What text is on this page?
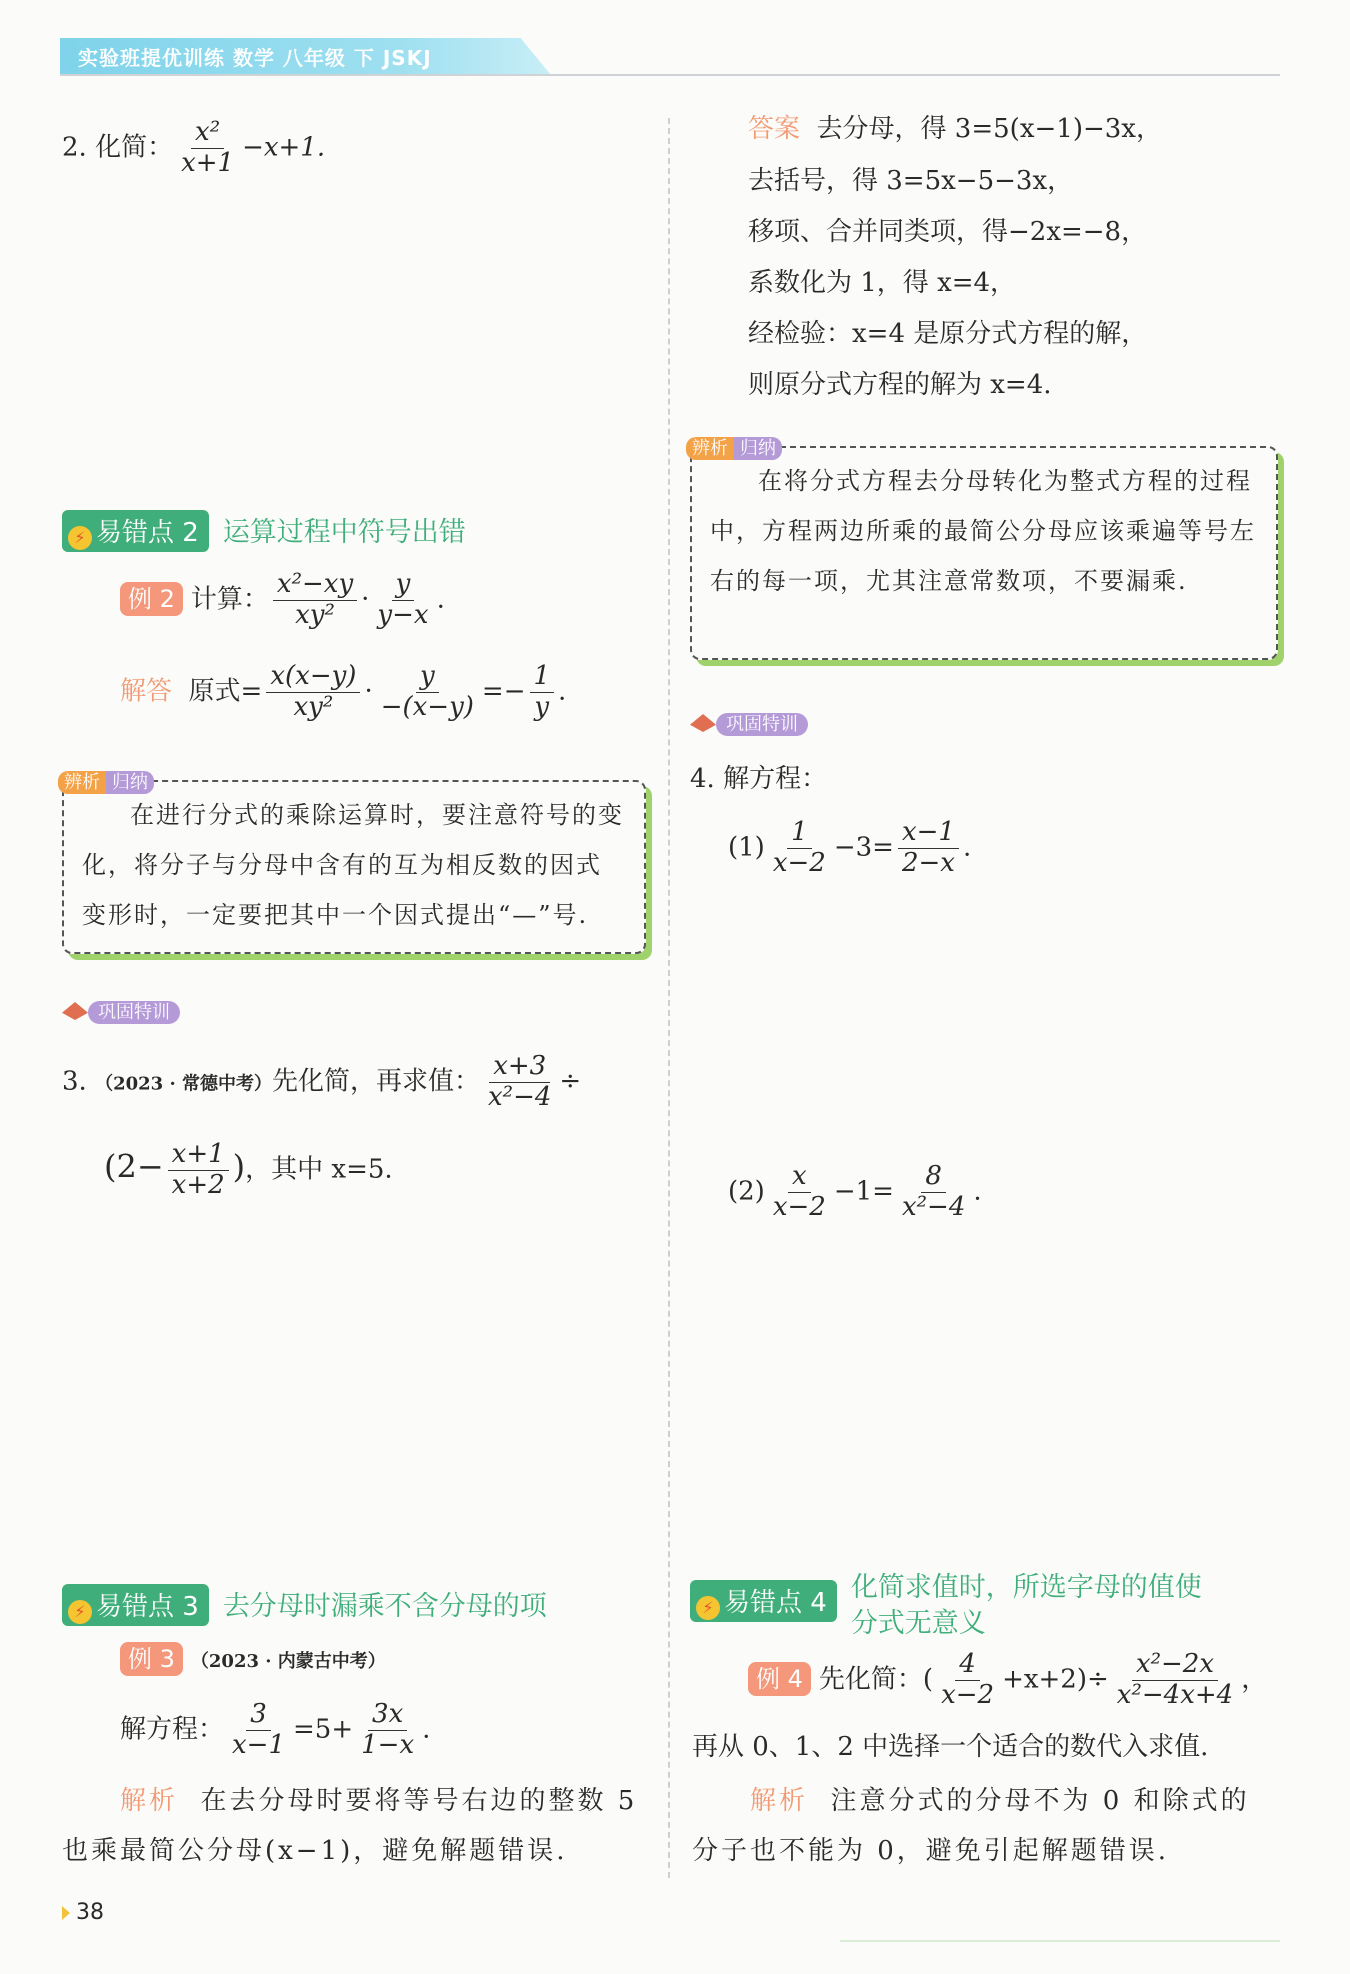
实验班提优训练 数学 八年级 下 JSKJ
2. 化简： $\frac{\text{x²}}{x+1} -x+1$.
⚡ 易错点 2 运算过程中符号出错
例 2 计算： $\frac{\text{x²−xy}}{\text{xy²}} \cdot \frac{y}{y-x}$ .
解答 原式= $\frac{x(x-y)}{\text{xy²}} \cdot \frac{y}{-(x-y)} =- \frac{1}{y}$ .
在进行分式的乘除运算时，要注意符号的变化，将分子与分母中含有的互为相反数的因式变形时，一定要把其中一个因式提出“—”号.
辨析 归纳
巩固特训
3. （2023 · 常德中考）先化简，再求值： $\frac{x+3}{\text{x²−4}}$ ÷
($2- \frac{x+1}{x+2}$ )，其中 x=5.
⚡ 易错点 3 去分母时漏乘不含分母的项
例 3 （2023 · 内蒙古中考）
解方程： $\frac{3}{x-1} =5+ \frac{3x}{1-x}$ .
解析 在去分母时要将等号右边的整数 5
也乘最简公分母(x−1)，避免解题错误.
答案 去分母，得 3=5(x−1)−3x，
去括号，得 3=5x−5−3x，
移项、合并同类项，得−2x=−8，
系数化为 1，得 x=4，
经检验：x=4 是原分式方程的解，
则原分式方程的解为 x=4.
在将分式方程去分母转化为整式方程的过程中，方程两边所乘的最简公分母应该乘遍等号左右的每一项，尤其注意常数项，不要漏乘.
辨析 归纳
巩固特训
4. 解方程：
$(1) \frac{1}{x-2} -3= \frac{x-1}{2-x}$ .
$(2) \frac{x}{x-2} -1= \frac{8}{\text{x²−4}}$ .
⚡ 易错点 4 化简求值时，所选字母的值使
分式无意义
例 4 先化简：( $\frac{4}{x-2} +x+2)\div \frac{\text{x²−2x}}{\text{x²−4x+4}}$ ，
再从 0、1、2 中选择一个适合的数代入求值.
解析 注意分式的分母不为 0 和除式的
分子也不能为 0，避免引起解题错误.
38
